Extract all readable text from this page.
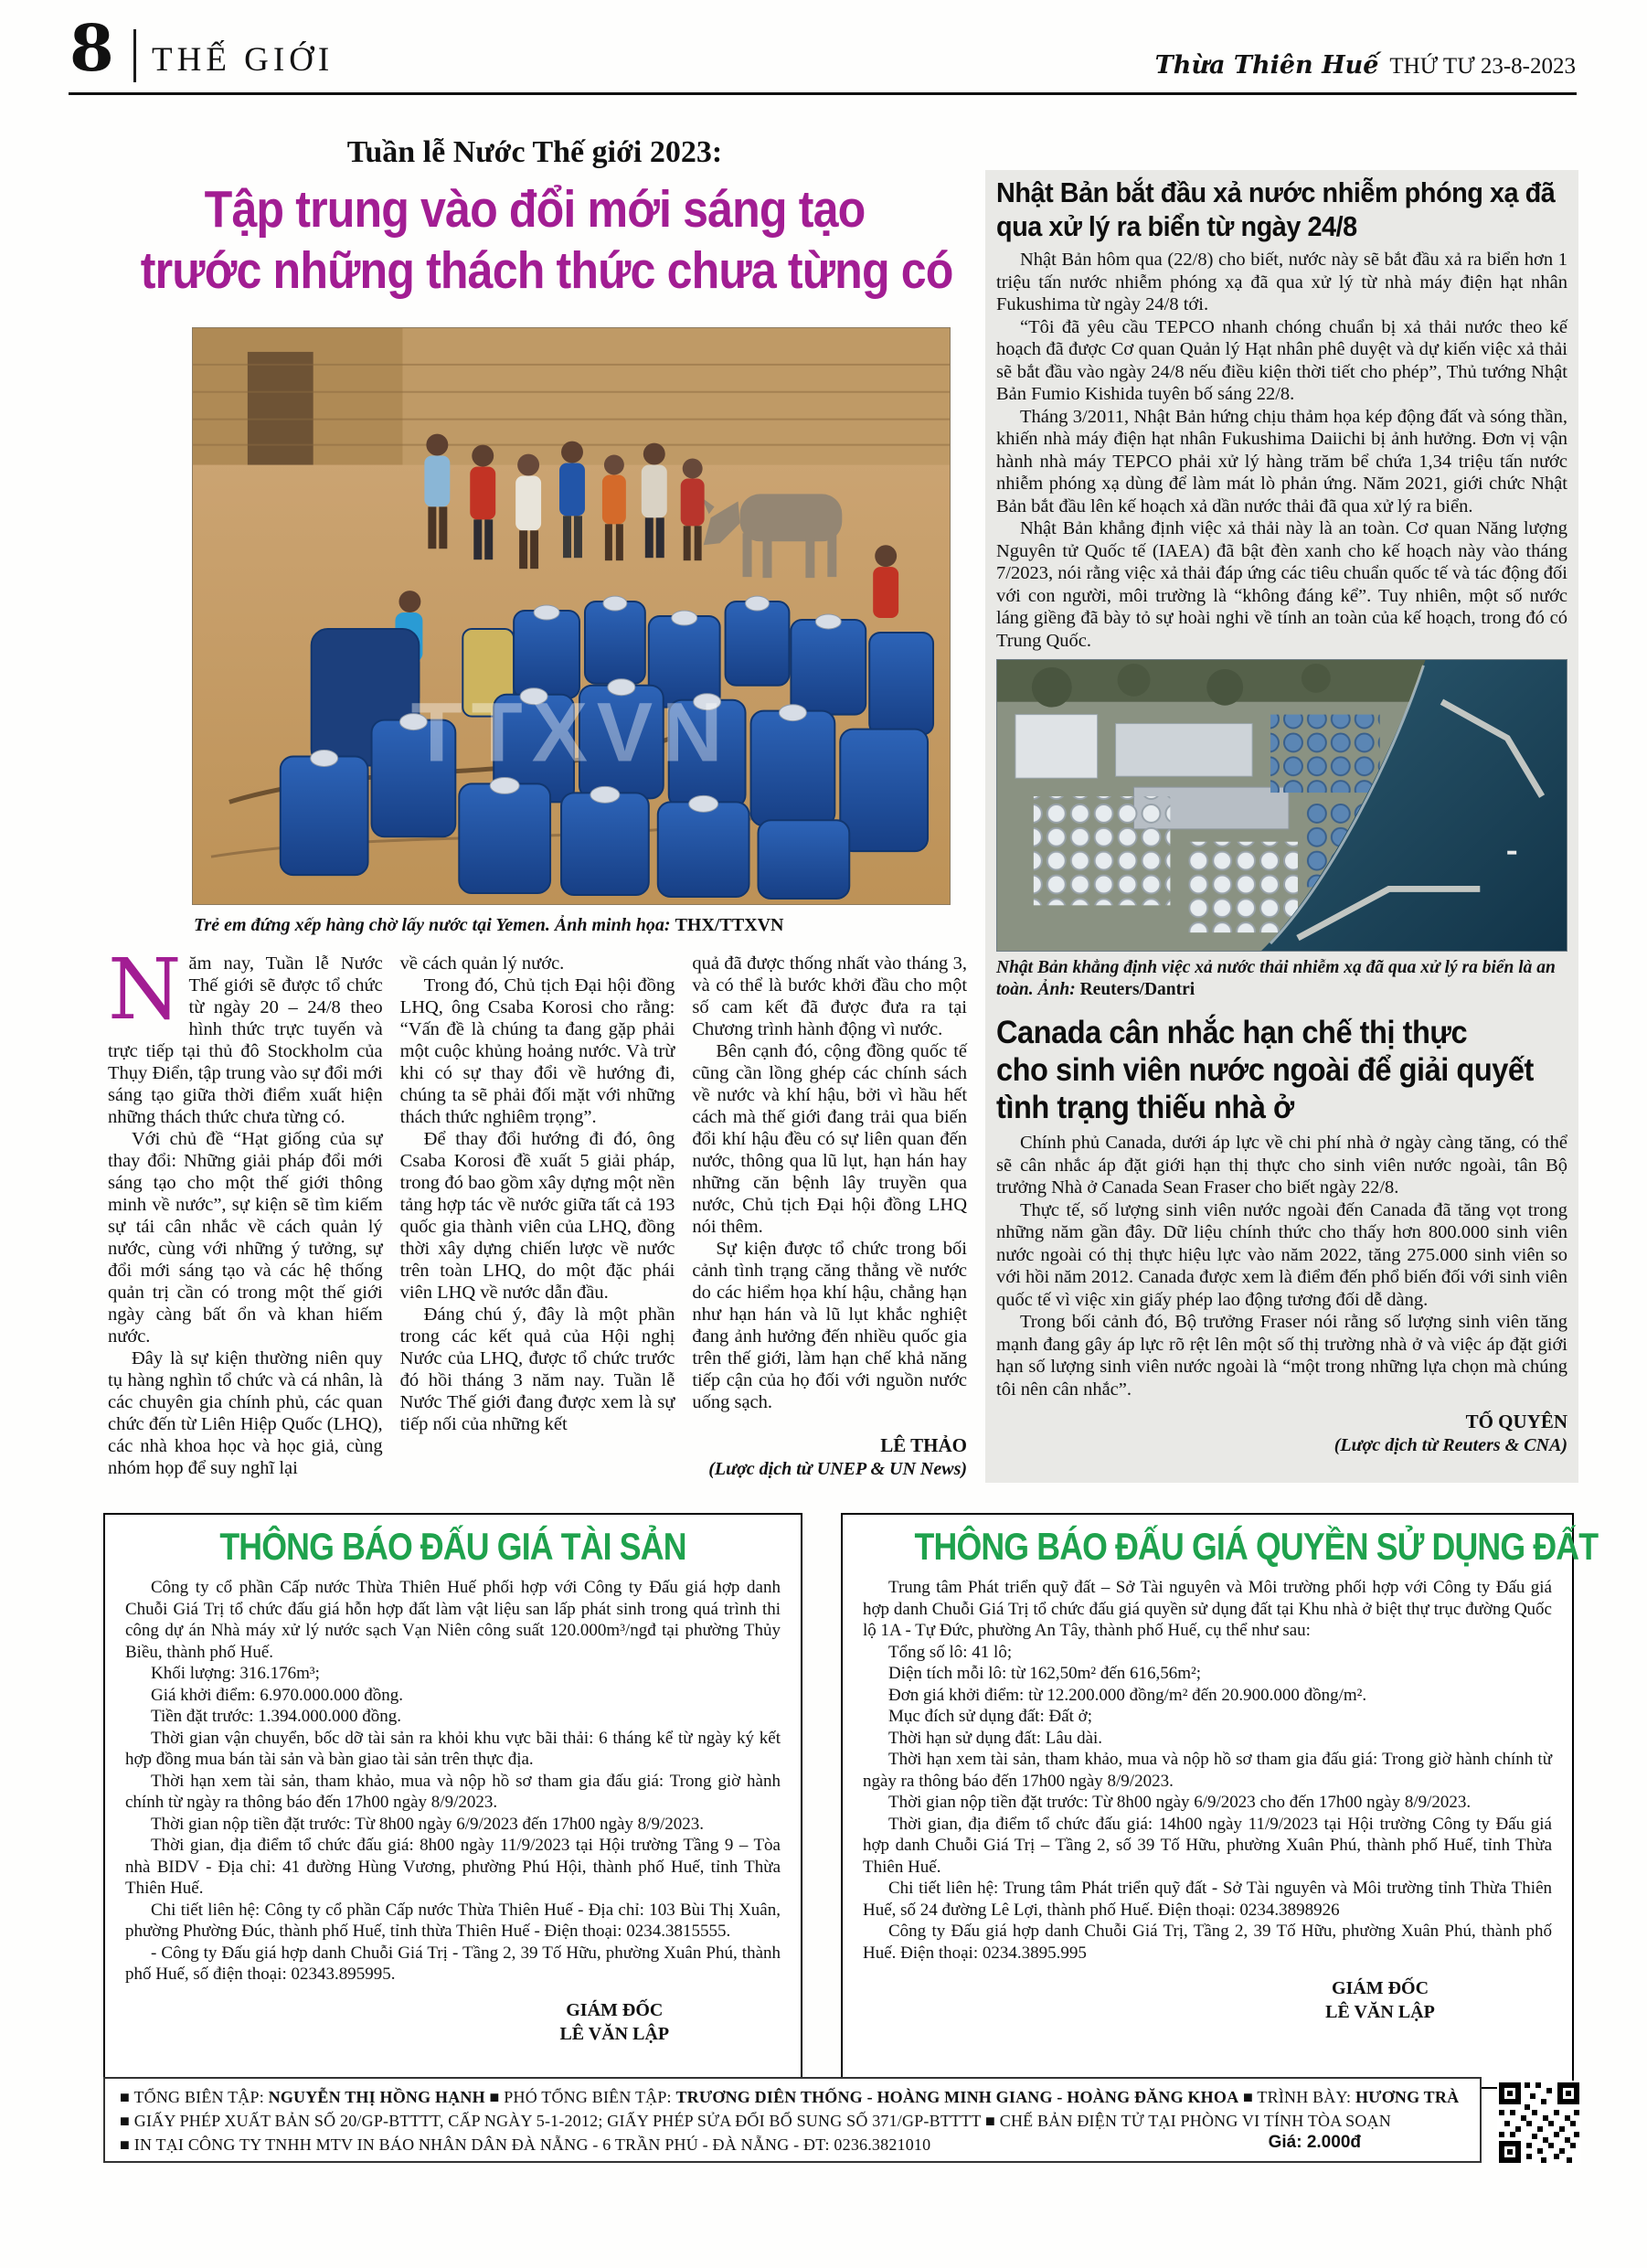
8 THẾ GIỚI	Thừa Thiên Huế THỨ TƯ 23-8-2023
Tuần lễ Nước Thế giới 2023:

Tập trung vào đổi mới sáng tạo

trước những thách thức chưa từng có

TTXVN
Trẻ em đứng xếp hàng chờ lấy nước tại Yemen. Ảnh minh họa: THX/TTXVN

Năm nay, Tuần lễ Nước Thế giới sẽ được tổ chức từ ngày 20 – 24/8 theo hình thức trực tuyến và trực tiếp tại thủ đô Stockholm của Thụy Điển, tập trung vào sự đổi mới sáng tạo giữa thời điểm xuất hiện những thách thức chưa từng có.

Với chủ đề “Hạt giống của sự thay đổi: Những giải pháp đổi mới sáng tạo cho một thế giới thông minh về nước”, sự kiện sẽ tìm kiếm sự tái cân nhắc về cách quản lý nước, cùng với những ý tưởng, sự đổi mới sáng tạo và các hệ thống quản trị cần có trong một thế giới ngày càng bất ổn và khan hiếm nước.

Đây là sự kiện thường niên quy tụ hàng nghìn tổ chức và cá nhân, là các chuyên gia chính phủ, các quan chức đến từ Liên Hiệp Quốc (LHQ), các nhà khoa học và học giả, cùng nhóm họp để suy nghĩ lại

về cách quản lý nước.

Trong đó, Chủ tịch Đại hội đồng LHQ, ông Csaba Korosi cho rằng: “Vấn đề là chúng ta đang gặp phải một cuộc khủng hoảng nước. Và trừ khi có sự thay đổi về hướng đi, chúng ta sẽ phải đối mặt với những thách thức nghiêm trọng”.

Để thay đổi hướng đi đó, ông Csaba Korosi đề xuất 5 giải pháp, trong đó bao gồm xây dựng một nền tảng hợp tác về nước giữa tất cả 193 quốc gia thành viên của LHQ, đồng thời xây dựng chiến lược về nước trên toàn LHQ, do một đặc phái viên LHQ về nước dẫn đầu.

Đáng chú ý, đây là một phần trong các kết quả của Hội nghị Nước của LHQ, được tổ chức trước đó hồi tháng 3 năm nay. Tuần lễ Nước Thế giới đang được xem là sự tiếp nối của những kết

quả đã được thống nhất vào tháng 3, và có thể là bước khởi đầu cho một số cam kết đã được đưa ra tại Chương trình hành động vì nước.

Bên cạnh đó, cộng đồng quốc tế cũng cần lồng ghép các chính sách về nước và khí hậu, bởi vì hầu hết cách mà thế giới đang trải qua biến đổi khí hậu đều có sự liên quan đến nước, thông qua lũ lụt, hạn hán hay những căn bệnh lây truyền qua nước, Chủ tịch Đại hội đồng LHQ nói thêm.

Sự kiện được tổ chức trong bối cảnh tình trạng căng thẳng về nước do các hiểm họa khí hậu, chẳng hạn như hạn hán và lũ lụt khắc nghiệt đang ảnh hưởng đến nhiều quốc gia trên thế giới, làm hạn chế khả năng tiếp cận của họ đối với nguồn nước uống sạch.

LÊ THẢO
(Lược dịch từ UNEP & UN News)

Nhật Bản bắt đầu xả nước nhiễm phóng xạ đã

qua xử lý ra biển từ ngày 24/8

Nhật Bản hôm qua (22/8) cho biết, nước này sẽ bắt đầu xả ra biển hơn 1 triệu tấn nước nhiễm phóng xạ đã qua xử lý từ nhà máy điện hạt nhân Fukushima từ ngày 24/8 tới.

“Tôi đã yêu cầu TEPCO nhanh chóng chuẩn bị xả thải nước theo kế hoạch đã được Cơ quan Quản lý Hạt nhân phê duyệt và dự kiến việc xả thải sẽ bắt đầu vào ngày 24/8 nếu điều kiện thời tiết cho phép”, Thủ tướng Nhật Bản Fumio Kishida tuyên bố sáng 22/8.

Tháng 3/2011, Nhật Bản hứng chịu thảm họa kép động đất và sóng thần, khiến nhà máy điện hạt nhân Fukushima Daiichi bị ảnh hưởng. Đơn vị vận hành nhà máy TEPCO phải xử lý hàng trăm bể chứa 1,34 triệu tấn nước nhiễm phóng xạ dùng để làm mát lò phản ứng. Năm 2021, giới chức Nhật Bản bắt đầu lên kế hoạch xả dần nước thải đã qua xử lý ra biển.

Nhật Bản khẳng định việc xả thải này là an toàn. Cơ quan Năng lượng Nguyên tử Quốc tế (IAEA) đã bật đèn xanh cho kế hoạch này vào tháng 7/2023, nói rằng việc xả thải đáp ứng các tiêu chuẩn quốc tế và tác động đối với con người, môi trường là “không đáng kể”. Tuy nhiên, một số nước láng giềng đã bày tỏ sự hoài nghi về tính an toàn của kế hoạch, trong đó có Trung Quốc.

Nhật Bản khẳng định việc xả nước thải nhiễm xạ đã qua xử lý ra biển là an toàn. Ảnh: Reuters/Dantri

Canada cân nhắc hạn chế thị thực

cho sinh viên nước ngoài để giải quyết

tình trạng thiếu nhà ở

Chính phủ Canada, dưới áp lực về chi phí nhà ở ngày càng tăng, có thể sẽ cân nhắc áp đặt giới hạn thị thực cho sinh viên nước ngoài, tân Bộ trưởng Nhà ở Canada Sean Fraser cho biết ngày 22/8.

Thực tế, số lượng sinh viên nước ngoài đến Canada đã tăng vọt trong những năm gần đây. Dữ liệu chính thức cho thấy hơn 800.000 sinh viên nước ngoài có thị thực hiệu lực vào năm 2022, tăng 275.000 sinh viên so với hồi năm 2012. Canada được xem là điểm đến phổ biến đối với sinh viên quốc tế vì việc xin giấy phép lao động tương đối dễ dàng.

Trong bối cảnh đó, Bộ trưởng Fraser nói rằng số lượng sinh viên tăng mạnh đang gây áp lực rõ rệt lên một số thị trường nhà ở và việc áp đặt giới hạn số lượng sinh viên nước ngoài là “một trong những lựa chọn mà chúng tôi nên cân nhắc”.

TỐ QUYÊN
(Lược dịch từ Reuters & CNA)
THÔNG BÁO ĐẤU GIÁ TÀI SẢN

Công ty cổ phần Cấp nước Thừa Thiên Huế phối hợp với Công ty Đấu giá hợp danh Chuỗi Giá Trị tổ chức đấu giá hỗn hợp đất làm vật liệu san lấp phát sinh trong quá trình thi công dự án Nhà máy xử lý nước sạch Vạn Niên công suất 120.000m³/ngđ tại phường Thủy Biều, thành phố Huế.

Khối lượng: 316.176m³;

Giá khởi điểm: 6.970.000.000 đồng.

Tiền đặt trước: 1.394.000.000 đồng.

Thời gian vận chuyển, bốc dỡ tài sản ra khỏi khu vực bãi thải: 6 tháng kể từ ngày ký kết hợp đồng mua bán tài sản và bàn giao tài sản trên thực địa.

Thời hạn xem tài sản, tham khảo, mua và nộp hồ sơ tham gia đấu giá: Trong giờ hành chính từ ngày ra thông báo đến 17h00 ngày 8/9/2023.

Thời gian nộp tiền đặt trước: Từ 8h00 ngày 6/9/2023 đến 17h00 ngày 8/9/2023.

Thời gian, địa điểm tổ chức đấu giá: 8h00 ngày 11/9/2023 tại Hội trường Tầng 9 – Tòa nhà BIDV - Địa chỉ: 41 đường Hùng Vương, phường Phú Hội, thành phố Huế, tỉnh Thừa Thiên Huế.

Chi tiết liên hệ: Công ty cổ phần Cấp nước Thừa Thiên Huế - Địa chỉ: 103 Bùi Thị Xuân, phường Phường Đúc, thành phố Huế, tỉnh thừa Thiên Huế - Điện thoại: 0234.3815555.

- Công ty Đấu giá hợp danh Chuỗi Giá Trị - Tầng 2, 39 Tố Hữu, phường Xuân Phú, thành phố Huế, số điện thoại: 02343.895995.

GIÁM ĐỐC
LÊ VĂN LẬP
THÔNG BÁO ĐẤU GIÁ QUYỀN SỬ DỤNG ĐẤT

Trung tâm Phát triển quỹ đất – Sở Tài nguyên và Môi trường phối hợp với Công ty Đấu giá hợp danh Chuỗi Giá Trị tổ chức đấu giá quyền sử dụng đất tại Khu nhà ở biệt thự trục đường Quốc lộ 1A - Tự Đức, phường An Tây, thành phố Huế, cụ thể như sau:

Tổng số lô: 41 lô;

Diện tích mỗi lô: từ 162,50m² đến 616,56m²;

Đơn giá khởi điểm: từ 12.200.000 đồng/m² đến 20.900.000 đồng/m².

Mục đích sử dụng đất: Đất ở;

Thời hạn sử dụng đất: Lâu dài.

Thời hạn xem tài sản, tham khảo, mua và nộp hồ sơ tham gia đấu giá: Trong giờ hành chính từ ngày ra thông báo đến 17h00 ngày 8/9/2023.

Thời gian nộp tiền đặt trước: Từ 8h00 ngày 6/9/2023 cho đến 17h00 ngày 8/9/2023.

Thời gian, địa điểm tổ chức đấu giá: 14h00 ngày 11/9/2023 tại Hội trường Công ty Đấu giá hợp danh Chuỗi Giá Trị – Tầng 2, số 39 Tố Hữu, phường Xuân Phú, thành phố Huế, tỉnh Thừa Thiên Huế.

Chi tiết liên hệ: Trung tâm Phát triển quỹ đất - Sở Tài nguyên và Môi trường tỉnh Thừa Thiên Huế, số 24 đường Lê Lợi, thành phố Huế. Điện thoại: 0234.3898926

Công ty Đấu giá hợp danh Chuỗi Giá Trị, Tầng 2, 39 Tố Hữu, phường Xuân Phú, thành phố Huế. Điện thoại: 0234.3895.995

GIÁM ĐỐC
LÊ VĂN LẬP
■ TỔNG BIÊN TẬP: NGUYỄN THỊ HỒNG HẠNH ■ PHÓ TỔNG BIÊN TẬP: TRƯƠNG DIÊN THỐNG - HOÀNG MINH GIANG - HOÀNG ĐĂNG KHOA ■ TRÌNH BÀY: HƯƠNG TRÀ
■ GIẤY PHÉP XUẤT BẢN SỐ 20/GP-BTTTT, CẤP NGÀY 5-1-2012; GIẤY PHÉP SỬA ĐỔI BỔ SUNG SỐ 371/GP-BTTTT ■ CHẾ BẢN ĐIỆN TỬ TẠI PHÒNG VI TÍNH TÒA SOẠN
■ IN TẠI CÔNG TY TNHH MTV IN BÁO NHÂN DÂN ĐÀ NẴNG - 6 TRẦN PHÚ - ĐÀ NẴNG - ĐT: 0236.3821010	Giá: 2.000đ
